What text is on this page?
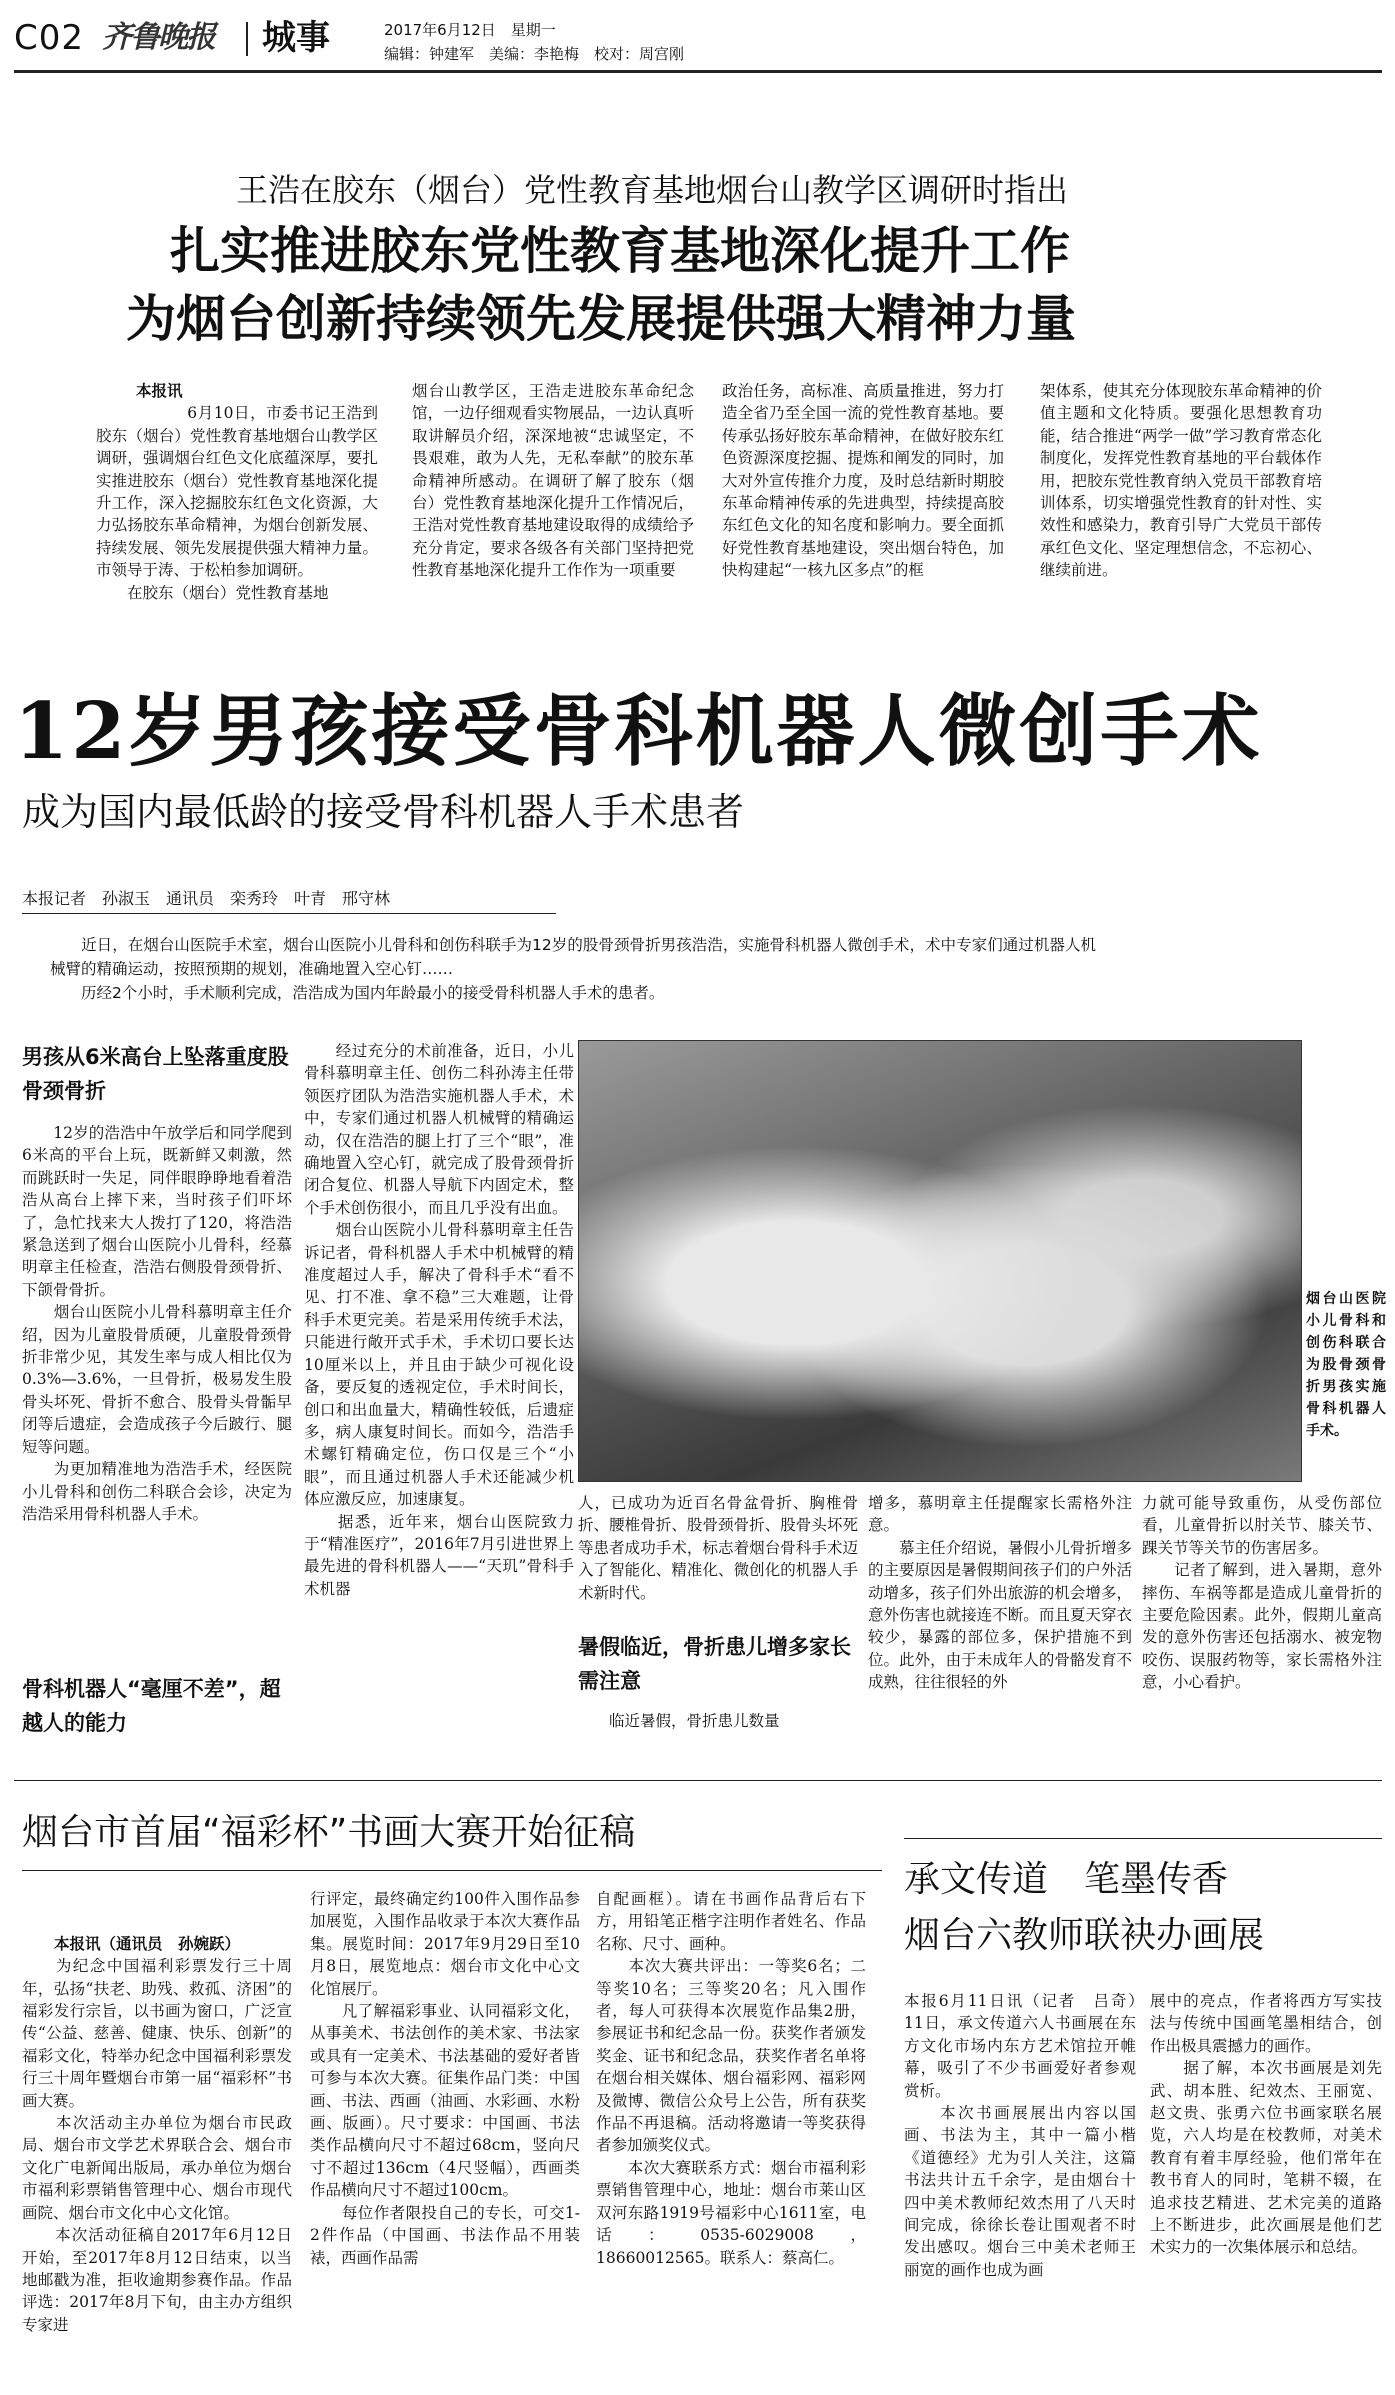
C02 齐鲁晚报 城事	2017年6月12日　星期一
编辑：钟建军　美编：李艳梅　校对：周宫刚
王浩在胶东（烟台）党性教育基地烟台山教学区调研时指出
扎实推进胶东党性教育基地深化提升工作
为烟台创新持续领先发展提供强大精神力量

本报讯
　　　　　6月10日，市委书记王浩到胶东（烟台）党性教育基地烟台山教学区调研，强调烟台红色文化底蕴深厚，要扎实推进胶东（烟台）党性教育基地深化提升工作，深入挖掘胶东红色文化资源，大力弘扬胶东革命精神，为烟台创新发展、持续发展、领先发展提供强大精神力量。市领导于涛、于松柏参加调研。
　　在胶东（烟台）党性教育基地

烟台山教学区，王浩走进胶东革命纪念馆，一边仔细观看实物展品，一边认真听取讲解员介绍，深深地被“忠诚坚定，不畏艰难，敢为人先，无私奉献”的胶东革命精神所感动。在调研了解了胶东（烟台）党性教育基地深化提升工作情况后，王浩对党性教育基地建设取得的成绩给予充分肯定，要求各级各有关部门坚持把党性教育基地深化提升工作作为一项重要
政治任务，高标准、高质量推进，努力打造全省乃至全国一流的党性教育基地。要传承弘扬好胶东革命精神，在做好胶东红色资源深度挖掘、提炼和阐发的同时，加大对外宣传推介力度，及时总结新时期胶东革命精神传承的先进典型，持续提高胶东红色文化的知名度和影响力。要全面抓好党性教育基地建设，突出烟台特色，加快构建起“一核九区多点”的框
架体系，使其充分体现胶东革命精神的价值主题和文化特质。要强化思想教育功能，结合推进“两学一做”学习教育常态化制度化，发挥党性教育基地的平台载体作用，把胶东党性教育纳入党员干部教育培训体系，切实增强党性教育的针对性、实效性和感染力，教育引导广大党员干部传承红色文化、坚定理想信念，不忘初心、继续前进。
12岁男孩接受骨科机器人微创手术
成为国内最低龄的接受骨科机器人手术患者
本报记者　孙淑玉　通讯员　栾秀玲　叶青　邢守林
　　近日，在烟台山医院手术室，烟台山医院小儿骨科和创伤科联手为12岁的股骨颈骨折男孩浩浩，实施骨科机器人微创手术，术中专家们通过机器人机械臂的精确运动，按照预期的规划，准确地置入空心钉……
　　历经2个小时，手术顺利完成，浩浩成为国内年龄最小的接受骨科机器人手术的患者。
男孩从6米高台上坠落重度股骨颈骨折
　　12岁的浩浩中午放学后和同学爬到6米高的平台上玩，既新鲜又刺激，然而跳跃时一失足，同伴眼睁睁地看着浩浩从高台上摔下来，当时孩子们吓坏了，急忙找来大人拨打了120，将浩浩紧急送到了烟台山医院小儿骨科，经慕明章主任检查，浩浩右侧股骨颈骨折、下颌骨骨折。
　　烟台山医院小儿骨科慕明章主任介绍，因为儿童股骨质硬，儿童股骨颈骨折非常少见，其发生率与成人相比仅为0.3%—3.6%，一旦骨折，极易发生股骨头坏死、骨折不愈合、股骨头骨骺早闭等后遗症，会造成孩子今后跛行、腿短等问题。
　　为更加精准地为浩浩手术，经医院小儿骨科和创伤二科联合会诊，决定为浩浩采用骨科机器人手术。
骨科机器人“毫厘不差”，超越人的能力
　　经过充分的术前准备，近日，小儿骨科慕明章主任、创伤二科孙涛主任带领医疗团队为浩浩实施机器人手术，术中，专家们通过机器人机械臂的精确运动，仅在浩浩的腿上打了三个“眼”，准确地置入空心钉，就完成了股骨颈骨折闭合复位、机器人导航下内固定术，整个手术创伤很小，而且几乎没有出血。
　　烟台山医院小儿骨科慕明章主任告诉记者，骨科机器人手术中机械臂的精准度超过人手，解决了骨科手术“看不见、打不准、拿不稳”三大难题，让骨科手术更完美。若是采用传统手术法，只能进行敞开式手术，手术切口要长达10厘米以上，并且由于缺少可视化设备，要反复的透视定位，手术时间长，创口和出血量大，精确性较低，后遗症多，病人康复时间长。而如今，浩浩手术螺钉精确定位，伤口仅是三个“小眼”，而且通过机器人手术还能减少机体应激反应，加速康复。
　　据悉，近年来，烟台山医院致力于“精准医疗”，2016年7月引进世界上最先进的骨科机器人——“天玑”骨科手术机器
烟台山医院小儿骨科和创伤科联合为股骨颈骨折男孩实施骨科机器人手术。
人，已成功为近百名骨盆骨折、胸椎骨折、腰椎骨折、股骨颈骨折、股骨头坏死等患者成功手术，标志着烟台骨科手术迈入了智能化、精准化、微创化的机器人手术新时代。
暑假临近，骨折患儿增多家长需注意
　　临近暑假，骨折患儿数量
增多，慕明章主任提醒家长需格外注意。
　　慕主任介绍说，暑假小儿骨折增多的主要原因是暑假期间孩子们的户外活动增多，孩子们外出旅游的机会增多，意外伤害也就接连不断。而且夏天穿衣较少，暴露的部位多，保护措施不到位。此外，由于未成年人的骨骼发育不成熟，往往很轻的外
力就可能导致重伤，从受伤部位看，儿童骨折以肘关节、膝关节、踝关节等关节的伤害居多。
　　记者了解到，进入暑期，意外摔伤、车祸等都是造成儿童骨折的主要危险因素。此外，假期儿童高发的意外伤害还包括溺水、被宠物咬伤、误服药物等，家长需格外注意，小心看护。
烟台市首届“福彩杯”书画大赛开始征稿

本报讯（通讯员　孙婉跃）
　　为纪念中国福利彩票发行三十周年，弘扬“扶老、助残、救孤、济困”的福彩发行宗旨，以书画为窗口，广泛宣传“公益、慈善、健康、快乐、创新”的福彩文化，特举办纪念中国福利彩票发行三十周年暨烟台市第一届“福彩杯”书画大赛。
　　本次活动主办单位为烟台市民政局、烟台市文学艺术界联合会、烟台市文化广电新闻出版局，承办单位为烟台市福利彩票销售管理中心、烟台市现代画院、烟台市文化中心文化馆。
　　本次活动征稿自2017年6月12日开始，至2017年8月12日结束，以当地邮戳为准，拒收逾期参赛作品。作品评选：2017年8月下旬，由主办方组织专家进

行评定，最终确定约100件入围作品参加展览，入围作品收录于本次大赛作品集。展览时间：2017年9月29日至10月8日，展览地点：烟台市文化中心文化馆展厅。
　　凡了解福彩事业、认同福彩文化，从事美术、书法创作的美术家、书法家或具有一定美术、书法基础的爱好者皆可参与本次大赛。征集作品门类：中国画、书法、西画（油画、水彩画、水粉画、版画）。尺寸要求：中国画、书法类作品横向尺寸不超过68cm，竖向尺寸不超过136cm（4尺竖幅），西画类作品横向尺寸不超过100cm。
　　每位作者限投自己的专长，可交1-2件作品（中国画、书法作品不用装裱，西画作品需
自配画框）。请在书画作品背后右下方，用铅笔正楷字注明作者姓名、作品名称、尺寸、画种。
　　本次大赛共评出：一等奖6名；二等奖10名；三等奖20名；凡入围作者，每人可获得本次展览作品集2册，参展证书和纪念品一份。获奖作者颁发奖金、证书和纪念品，获奖作者名单将在烟台相关媒体、烟台福彩网、福彩网及微博、微信公众号上公告，所有获奖作品不再退稿。活动将邀请一等奖获得者参加颁奖仪式。
　　本次大赛联系方式：烟台市福利彩票销售管理中心，地址：烟台市莱山区双河东路1919号福彩中心1611室，电话：0535-6029008，18660012565。联系人：蔡高仁。
承文传道　笔墨传香
烟台六教师联袂办画展
本报6月11日讯（记者　吕奇）　11日，承文传道六人书画展在东方文化市场内东方艺术馆拉开帷幕，吸引了不少书画爱好者参观赏析。
　　本次书画展展出内容以国画、书法为主，其中一篇小楷《道德经》尤为引人关注，这篇书法共计五千余字，是由烟台十四中美术教师纪效杰用了八天时间完成，徐徐长卷让围观者不时发出感叹。烟台三中美术老师王丽宽的画作也成为画
展中的亮点，作者将西方写实技法与传统中国画笔墨相结合，创作出极具震撼力的画作。
　　据了解，本次书画展是刘先武、胡本胜、纪效杰、王丽宽、赵文贵、张勇六位书画家联名展览，六人均是在校教师，对美术教育有着丰厚经验，他们常年在教书育人的同时，笔耕不辍，在追求技艺精进、艺术完美的道路上不断进步，此次画展是他们艺术实力的一次集体展示和总结。
